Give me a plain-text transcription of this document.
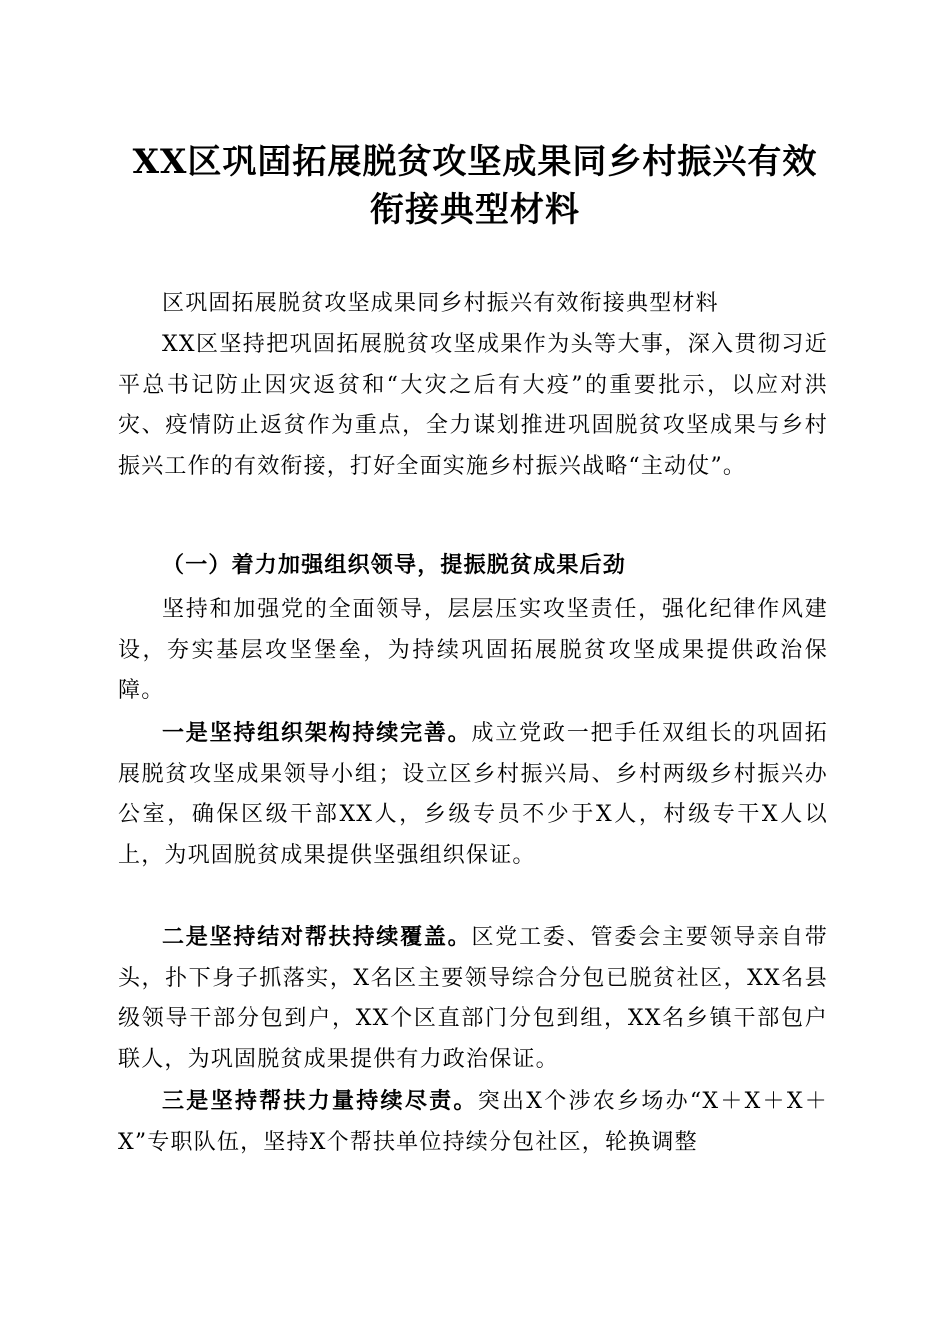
XX区巩固拓展脱贫攻坚成果同乡村振兴有效
衔接典型材料

区巩固拓展脱贫攻坚成果同乡村振兴有效衔接典型材料

XX区坚持把巩固拓展脱贫攻坚成果作为头等大事，深入贯彻习近平总书记防止因灾返贫和“大灾之后有大疫”的重要批示，以应对洪灾、疫情防止返贫作为重点，全力谋划推进巩固脱贫攻坚成果与乡村振兴工作的有效衔接，打好全面实施乡村振兴战略“主动仗”。

（一）着力加强组织领导，提振脱贫成果后劲

坚持和加强党的全面领导，层层压实攻坚责任，强化纪律作风建设，夯实基层攻坚堡垒，为持续巩固拓展脱贫攻坚成果提供政治保障。

一是坚持组织架构持续完善。成立党政一把手任双组长的巩固拓展脱贫攻坚成果领导小组；设立区乡村振兴局、乡村两级乡村振兴办公室，确保区级干部XX人，乡级专员不少于X人，村级专干X人以上，为巩固脱贫成果提供坚强组织保证。

二是坚持结对帮扶持续覆盖。区党工委、管委会主要领导亲自带头，扑下身子抓落实，X名区主要领导综合分包已脱贫社区，XX名县级领导干部分包到户，XX个区直部门分包到组，XX名乡镇干部包户联人，为巩固脱贫成果提供有力政治保证。

三是坚持帮扶力量持续尽责。突出X个涉农乡场办“X＋X＋X＋X”专职队伍，坚持X个帮扶单位持续分包社区，轮换调整
